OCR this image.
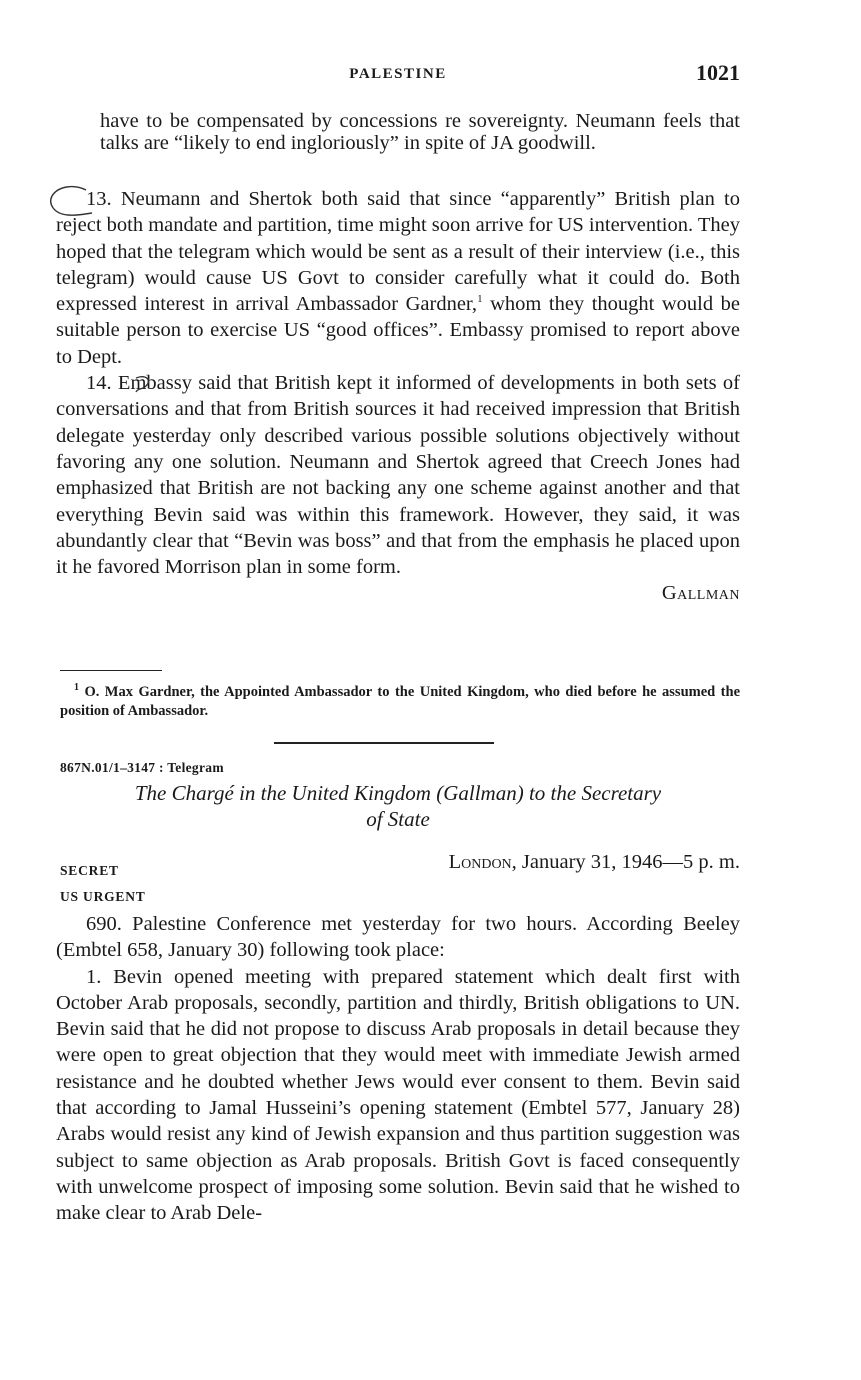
PALESTINE	1021

have to be compensated by concessions re sovereignty. Neumann feels that talks are “likely to end ingloriously” in spite of JA goodwill.

13. Neumann and Shertok both said that since “apparently” British plan to reject both mandate and partition, time might soon arrive for US intervention. They hoped that the telegram which would be sent as a result of their interview (i.e., this telegram) would cause US Govt to consider carefully what it could do. Both expressed interest in arrival Ambassador Gardner,$^1$ whom they thought would be suitable person to exercise US “good offices”. Embassy promised to report above to Dept.

14. Embassy said that British kept it informed of developments in both sets of conversations and that from British sources it had received impression that British delegate yesterday only described various possible solutions objectively without favoring any one solution. Neumann and Shertok agreed that Creech Jones had emphasized that British are not backing any one scheme against another and that everything Bevin said was within this framework. However, they said, it was abundantly clear that “Bevin was boss” and that from the emphasis he placed upon it he favored Morrison plan in some form.

Gallman
$^1$ O. Max Gardner, the Appointed Ambassador to the United Kingdom, who died before he assumed the position of Ambassador.
867N.01/1–3147 : Telegram
The Chargé in the United Kingdom (Gallman) to the Secretary
of State
SECRET
US URGENT
London, January 31, 1946—5 p. m.

690. Palestine Conference met yesterday for two hours. According Beeley (Embtel 658, January 30) following took place:

1. Bevin opened meeting with prepared statement which dealt first with October Arab proposals, secondly, partition and thirdly, British obligations to UN. Bevin said that he did not propose to discuss Arab proposals in detail because they were open to great objection that they would meet with immediate Jewish armed resistance and he doubted whether Jews would ever consent to them. Bevin said that according to Jamal Husseini’s opening statement (Embtel 577, January 28) Arabs would resist any kind of Jewish expansion and thus partition suggestion was subject to same objection as Arab proposals. British Govt is faced consequently with unwelcome prospect of imposing some solution. Bevin said that he wished to make clear to Arab Dele-
